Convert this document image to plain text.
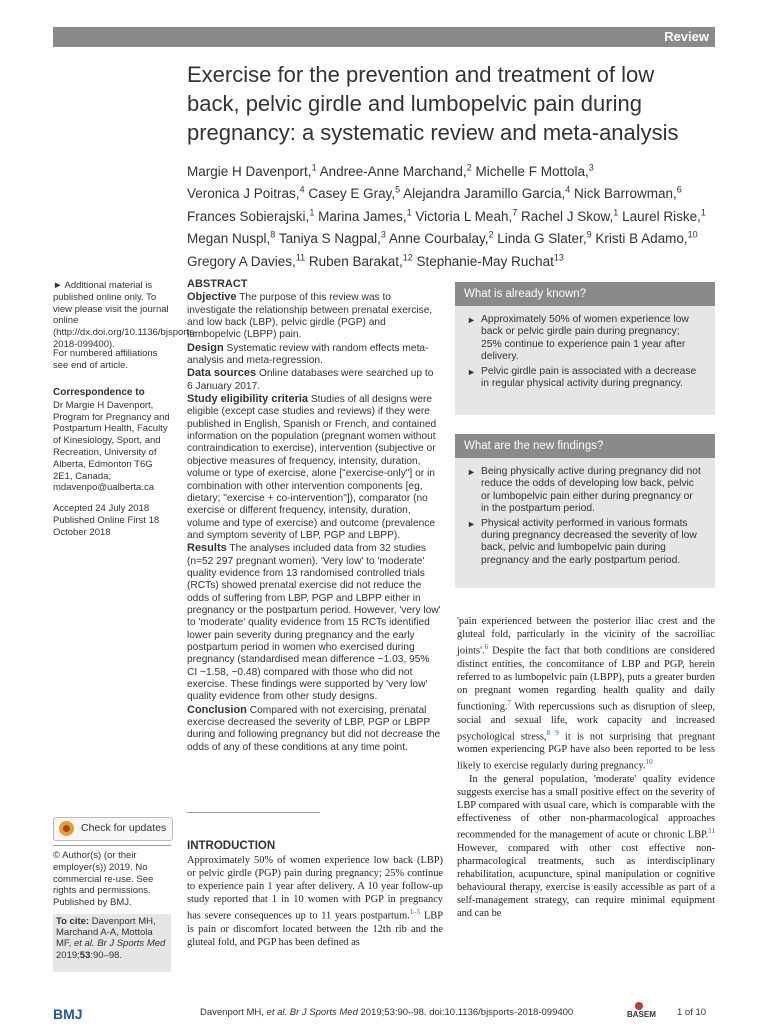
Review
Exercise for the prevention and treatment of low back, pelvic girdle and lumbopelvic pain during pregnancy: a systematic review and meta-analysis
Margie H Davenport,$^1$ Andree-Anne Marchand,$^2$ Michelle F Mottola,$^3$
Veronica J Poitras,$^4$ Casey E Gray,$^5$ Alejandra Jaramillo Garcia,$^4$ Nick Barrowman,$^6$
Frances Sobierajski,$^1$ Marina James,$^1$ Victoria L Meah,$^7$ Rachel J Skow,$^1$ Laurel Riske,$^1$
Megan Nuspl,$^8$ Taniya S Nagpal,$^3$ Anne Courbalay,$^2$ Linda G Slater,$^9$ Kristi B Adamo,$^{10}$
Gregory A Davies,$^{11}$ Ruben Barakat,$^{12}$ Stephanie-May Ruchat$^{13}$
► Additional material is published online only. To view please visit the journal online (http://dx.doi.org/10.1136/bjsports-2018-099400).
For numbered affiliations see end of article.
Correspondence to
Dr Margie H Davenport, Program for Pregnancy and Postpartum Health, Faculty of Kinesiology, Sport, and Recreation, University of Alberta, Edmonton T6G 2E1, Canada; mdavenpo@ualberta.ca
Accepted 24 July 2018
Published Online First 18 October 2018
Check for updates
© Author(s) (or their employer(s)) 2019. No commercial re-use. See rights and permissions. Published by BMJ.
To cite: Davenport MH, Marchand A-A, Mottola MF, et al. Br J Sports Med 2019;53:90–98.
ABSTRACT
Objective The purpose of this review was to investigate the relationship between prenatal exercise, and low back (LBP), pelvic girdle (PGP) and lumbopelvic (LBPP) pain.
Design Systematic review with random effects meta-analysis and meta-regression.
Data sources Online databases were searched up to 6 January 2017.
Study eligibility criteria Studies of all designs were eligible (except case studies and reviews) if they were published in English, Spanish or French, and contained information on the population (pregnant women without contraindication to exercise), intervention (subjective or objective measures of frequency, intensity, duration, volume or type of exercise, alone ["exercise-only"] or in combination with other intervention components [eg, dietary; "exercise + co-intervention"]), comparator (no exercise or different frequency, intensity, duration, volume and type of exercise) and outcome (prevalence and symptom severity of LBP, PGP and LBPP).
Results The analyses included data from 32 studies (n=52 297 pregnant women). 'Very low' to 'moderate' quality evidence from 13 randomised controlled trials (RCTs) showed prenatal exercise did not reduce the odds of suffering from LBP, PGP and LBPP either in pregnancy or the postpartum period. However, 'very low' to 'moderate' quality evidence from 15 RCTs identified lower pain severity during pregnancy and the early postpartum period in women who exercised during pregnancy (standardised mean difference −1.03, 95% CI −1.58, −0.48) compared with those who did not exercise. These findings were supported by 'very low' quality evidence from other study designs.
Conclusion Compared with not exercising, prenatal exercise decreased the severity of LBP, PGP or LBPP during and following pregnancy but did not decrease the odds of any of these conditions at any time point.
What is already known?
► Approximately 50% of women experience low back or pelvic girdle pain during pregnancy; 25% continue to experience pain 1 year after delivery.
► Pelvic girdle pain is associated with a decrease in regular physical activity during pregnancy.
What are the new findings?
► Being physically active during pregnancy did not reduce the odds of developing low back, pelvic or lumbopelvic pain either during pregnancy or in the postpartum period.
► Physical activity performed in various formats during pregnancy decreased the severity of low back, pelvic and lumbopelvic pain during pregnancy and the early postpartum period.
INTRODUCTION
Approximately 50% of women experience low back (LBP) or pelvic girdle (PGP) pain during pregnancy; 25% continue to experience pain 1 year after delivery. A 10 year follow-up study reported that 1 in 10 women with PGP in pregnancy has severe consequences up to 11 years postpartum.$^{1-5}$ LBP is pain or discomfort located between the 12th rib and the gluteal fold, and PGP has been defined as

'pain experienced between the posterior iliac crest and the gluteal fold, particularly in the vicinity of the sacroiliac joints'.$^6$ Despite the fact that both conditions are considered distinct entities, the concomitance of LBP and PGP, herein referred to as lumbopelvic pain (LBPP), puts a greater burden on pregnant women regarding health quality and daily functioning.$^7$ With repercussions such as disruption of sleep, social and sexual life, work capacity and increased psychological stress,$^{8 9}$ it is not surprising that pregnant women experiencing PGP have also been reported to be less likely to exercise regularly during pregnancy.$^{10}$

In the general population, 'moderate' quality evidence suggests exercise has a small positive effect on the severity of LBP compared with usual care, which is comparable with the effectiveness of other non-pharmacological approaches recommended for the management of acute or chronic LBP.$^{11}$ However, compared with other cost effective non-pharmacological treatments, such as interdisciplinary rehabilitation, acupuncture, spinal manipulation or cognitive behavioural therapy, exercise is easily accessible as part of a self-management strategy, can require minimal equipment and can be

BMJ	Davenport MH, et al. Br J Sports Med 2019;53:90–98. doi:10.1136/bjsports-2018-099400	BASEM 1 of 10
